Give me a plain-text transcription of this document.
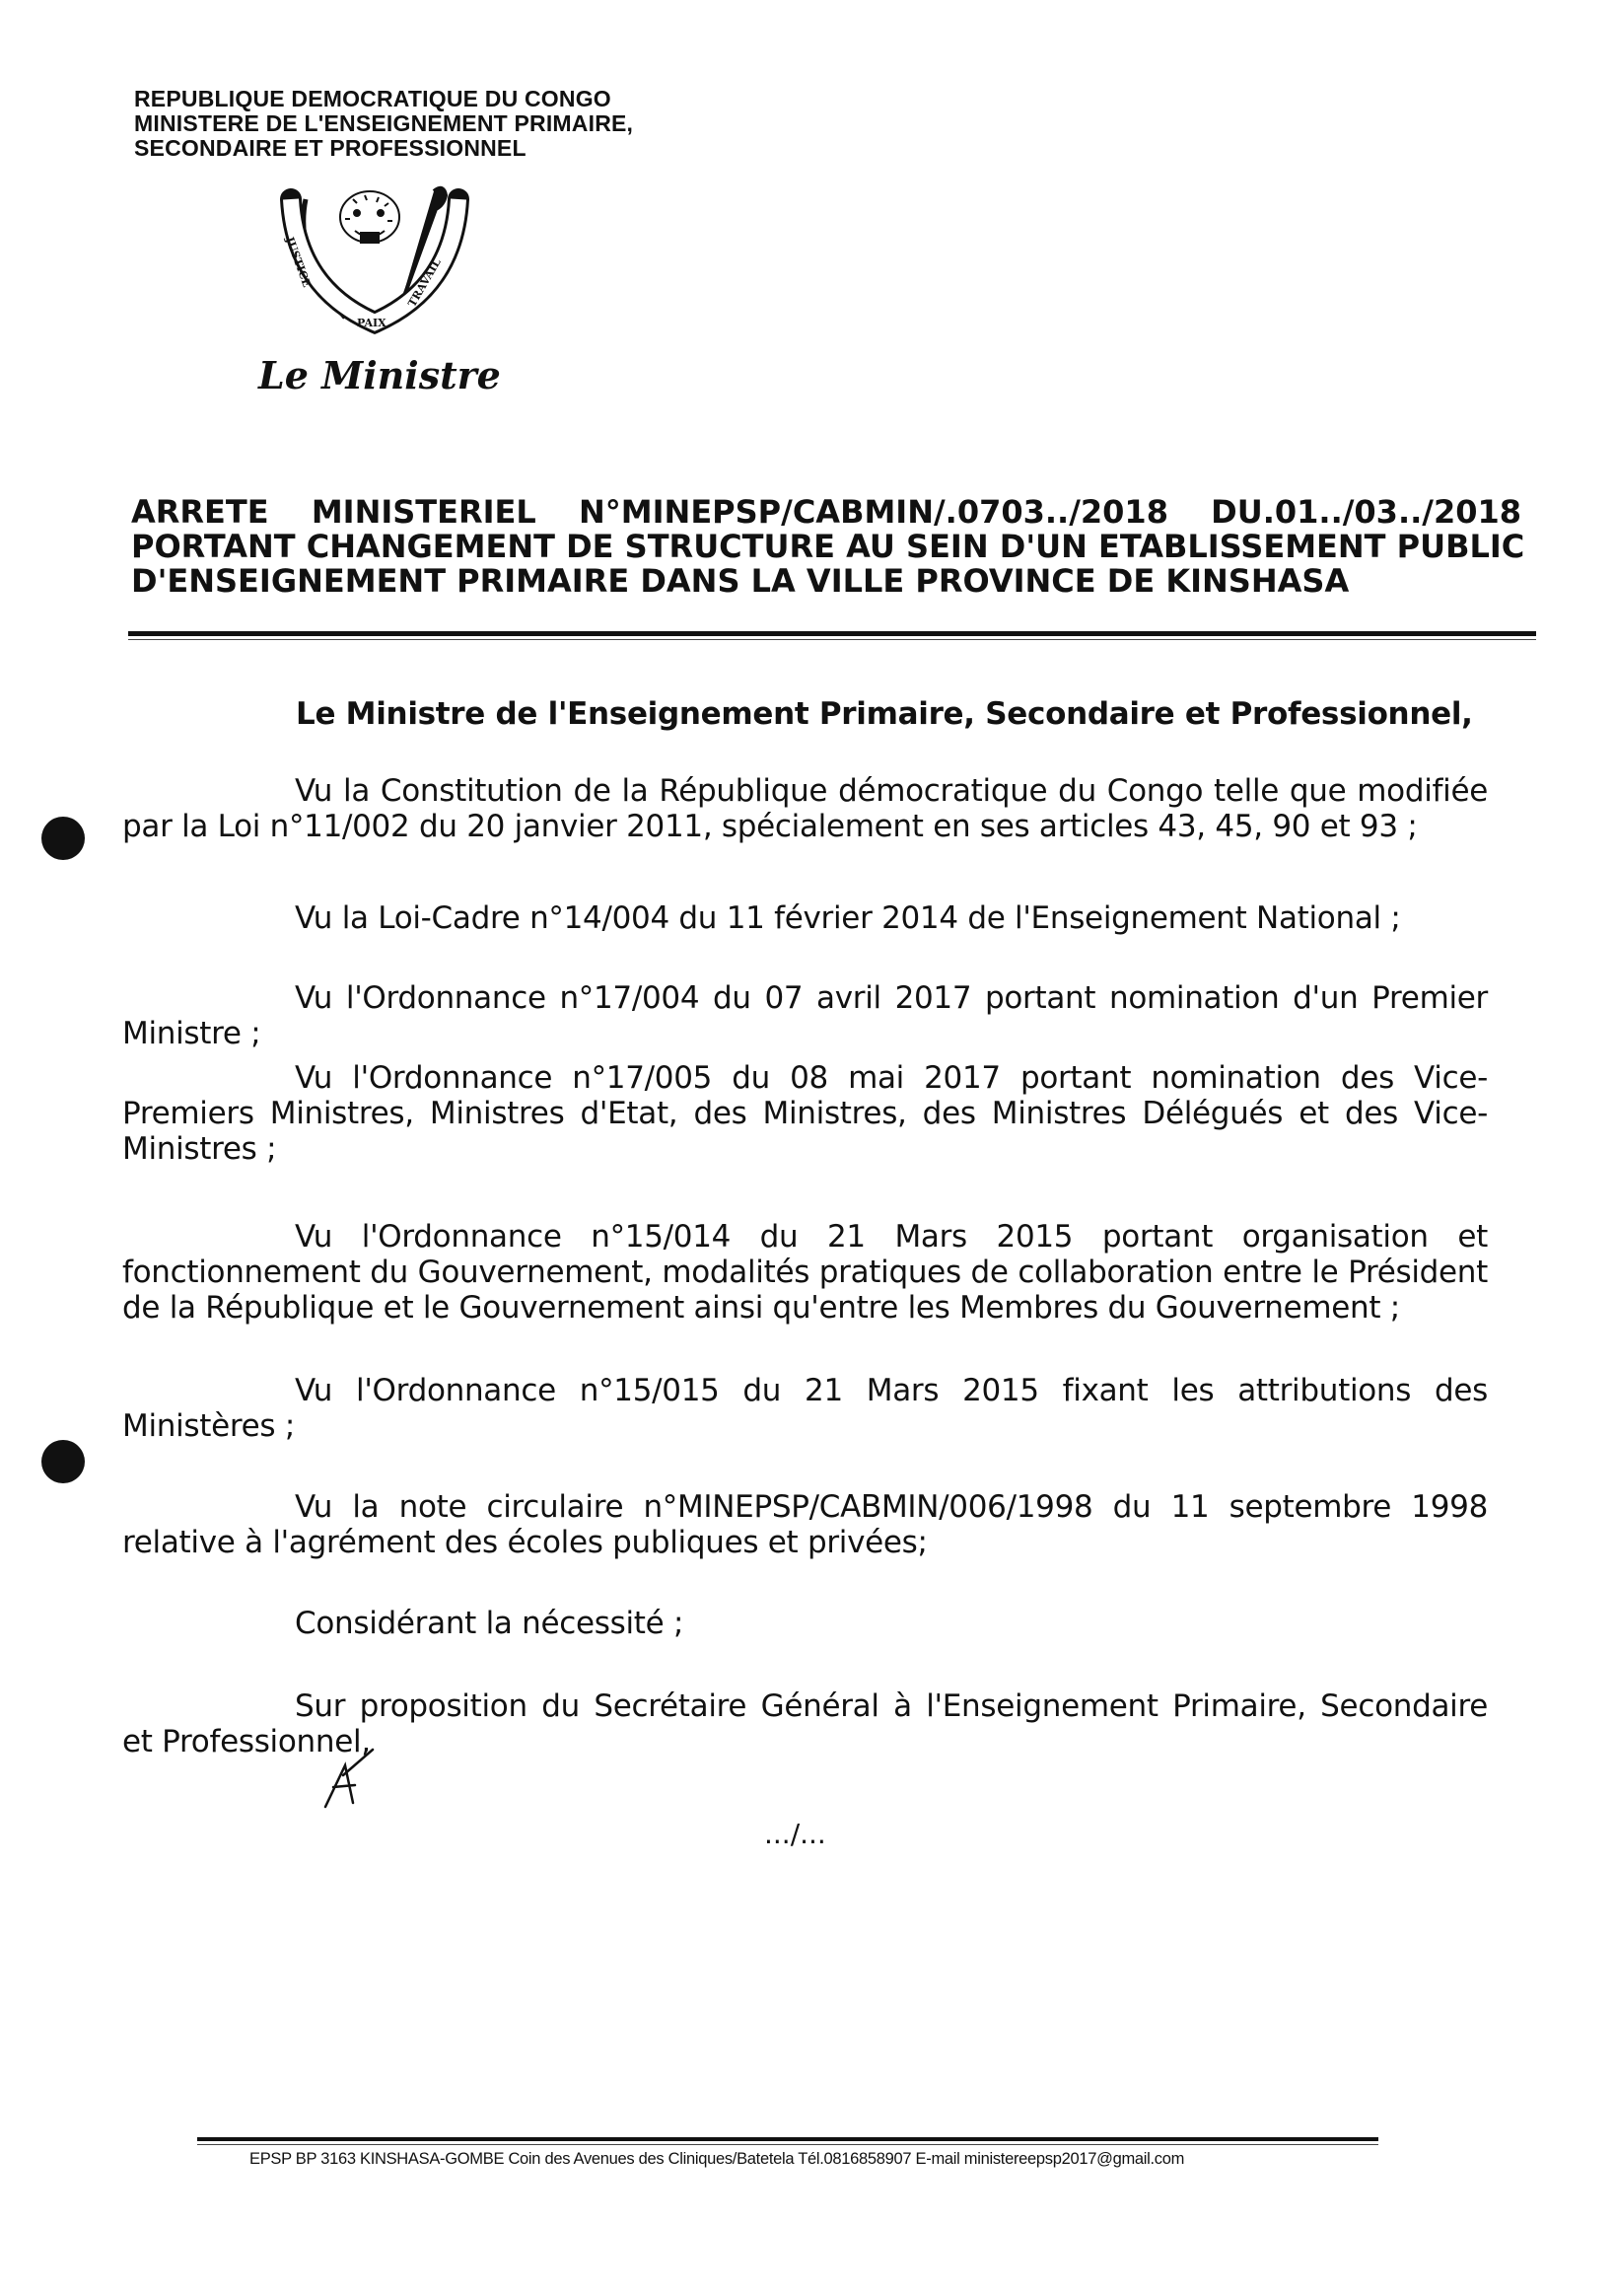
REPUBLIQUE DEMOCRATIQUE DU CONGO
MINISTERE DE L'ENSEIGNEMENT PRIMAIRE,
SECONDAIRE ET PROFESSIONNEL
JUSTICE
PAIX
TRAVAIL
Le Ministre
ARRETE MINISTERIEL N°MINEPSP/CABMIN/.0703../2018 DU.01../03../2018
PORTANT CHANGEMENT DE STRUCTURE AU SEIN D'UN ETABLISSEMENT PUBLIC
D'ENSEIGNEMENT PRIMAIRE DANS LA VILLE PROVINCE DE KINSHASA
Le Ministre de l'Enseignement Primaire, Secondaire et Professionnel,
Vu la Constitution de la République démocratique du Congo telle que modifiée par la Loi n°11/002 du 20 janvier 2011, spécialement en ses articles 43, 45, 90 et 93 ;
Vu la Loi-Cadre n°14/004 du 11 février 2014 de l'Enseignement National ;
Vu l'Ordonnance n°17/004 du 07 avril 2017 portant nomination d'un Premier Ministre ;
Vu l'Ordonnance n°17/005 du 08 mai 2017 portant nomination des Vice-Premiers Ministres, Ministres d'Etat, des Ministres, des Ministres Délégués et des Vice-Ministres ;
Vu l'Ordonnance n°15/014 du 21 Mars 2015 portant organisation et fonctionnement du Gouvernement, modalités pratiques de collaboration entre le Président de la République et le Gouvernement ainsi qu'entre les Membres du Gouvernement ;
Vu l'Ordonnance n°15/015 du 21 Mars 2015 fixant les attributions des Ministères ;
Vu la note circulaire n°MINEPSP/CABMIN/006/1998 du 11 septembre 1998 relative à l'agrément des écoles publiques et privées;
Considérant la nécessité ;
Sur proposition du Secrétaire Général à l'Enseignement Primaire, Secondaire et Professionnel,
.../...
EPSP BP 3163 KINSHASA-GOMBE Coin des Avenues des Cliniques/Batetela Tél.0816858907 E-mail ministereepsp2017@gmail.com
